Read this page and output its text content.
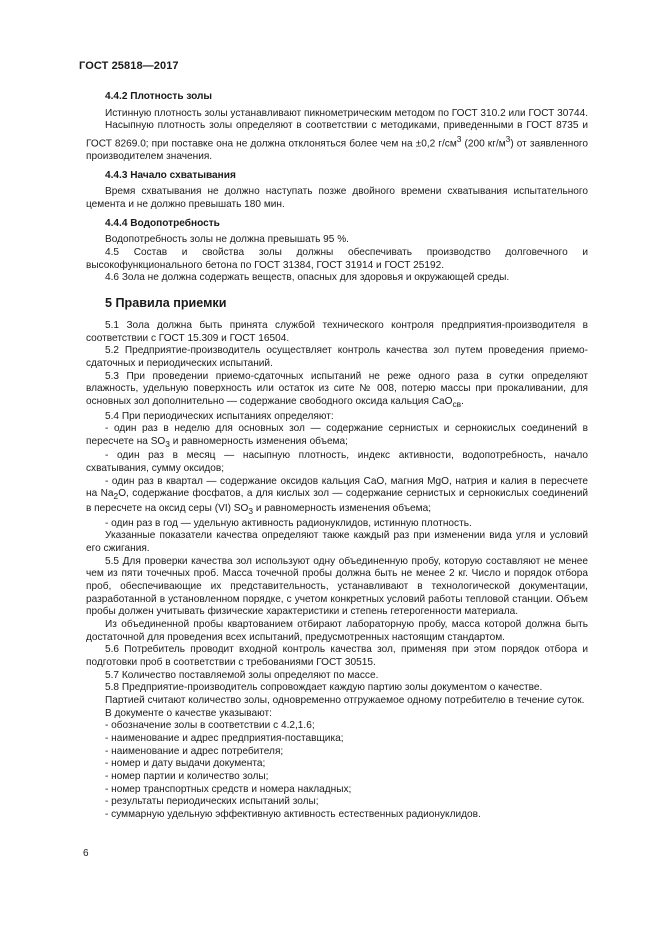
ГОСТ 25818—2017
4.4.2 Плотность золы

Истинную плотность золы устанавливают пикнометрическим методом по ГОСТ 310.2 или ГОСТ 30744.

Насыпную плотность золы определяют в соответствии с методиками, приведенными в ГОСТ 8735 и ГОСТ 8269.0; при поставке она не должна отклоняться более чем на ±0,2 $г/см^3$ (200 $кг/м^3$) от заявленного производителем значения.

4.4.3 Начало схватывания

Время схватывания не должно наступать позже двойного времени схватывания испытательного цемента и не должно превышать 180 мин.

4.4.4 Водопотребность

Водопотребность золы не должна превышать 95 %.

4.5 Состав и свойства золы должны обеспечивать производство долговечного и высокофункционального бетона по ГОСТ 31384, ГОСТ 31914 и ГОСТ 25192.

4.6 Зола не должна содержать веществ, опасных для здоровья и окружающей среды.

5 Правила приемки

5.1 Зола должна быть принята службой технического контроля предприятия-производителя в соответствии с ГОСТ 15.309 и ГОСТ 16504.

5.2 Предприятие-производитель осуществляет контроль качества зол путем проведения приемо-сдаточных и периодических испытаний.

5.3 При проведении приемо-сдаточных испытаний не реже одного раза в сутки определяют влажность, удельную поверхность или остаток из сите № 008, потерю массы при прокаливании, для основных зол дополнительно — содержание свободного оксида кальция CaO$_{св}$.

5.4 При периодических испытаниях определяют:

- один раз в неделю для основных зол — содержание сернистых и сернокислых соединений в пересчете на $SO_3$ и равномерность изменения объема;

- один раз в месяц — насыпную плотность, индекс активности, водопотребность, начало схватывания, сумму оксидов;

- один раз в квартал — содержание оксидов кальция CaO, магния MgO, натрия и калия в пересчете на $Na_2O$, содержание фосфатов, а для кислых зол — содержание сернистых и сернокислых соединений в пересчете на оксид серы (VI) $SO_3$ и равномерность изменения объема;

- один раз в год — удельную активность радионуклидов, истинную плотность.

Указанные показатели качества определяют также каждый раз при изменении вида угля и условий его сжигания.

5.5 Для проверки качества зол используют одну объединенную пробу, которую составляют не менее чем из пяти точечных проб. Масса точечной пробы должна быть не менее 2 кг. Число и порядок отбора проб, обеспечивающие их представительность, устанавливают в технологической документации, разработанной в установленном порядке, с учетом конкретных условий работы тепловой станции. Объем пробы должен учитывать физические характеристики и степень гетерогенности материала.

Из объединенной пробы квартованием отбирают лабораторную пробу, масса которой должна быть достаточной для проведения всех испытаний, предусмотренных настоящим стандартом.

5.6 Потребитель проводит входной контроль качества зол, применяя при этом порядок отбора и подготовки проб в соответствии с требованиями ГОСТ 30515.

5.7 Количество поставляемой золы определяют по массе.

5.8 Предприятие-производитель сопровождает каждую партию золы документом о качестве.

Партией считают количество золы, одновременно отгружаемое одному потребителю в течение суток.

В документе о качестве указывают:

- обозначение золы в соответствии с 4.2,1.6;

- наименование и адрес предприятия-поставщика;

- наименование и адрес потребителя;

- номер и дату выдачи документа;

- номер партии и количество золы;

- номер транспортных средств и номера накладных;

- результаты периодических испытаний золы;

- суммарную удельную эффективную активность естественных радионуклидов.

6
